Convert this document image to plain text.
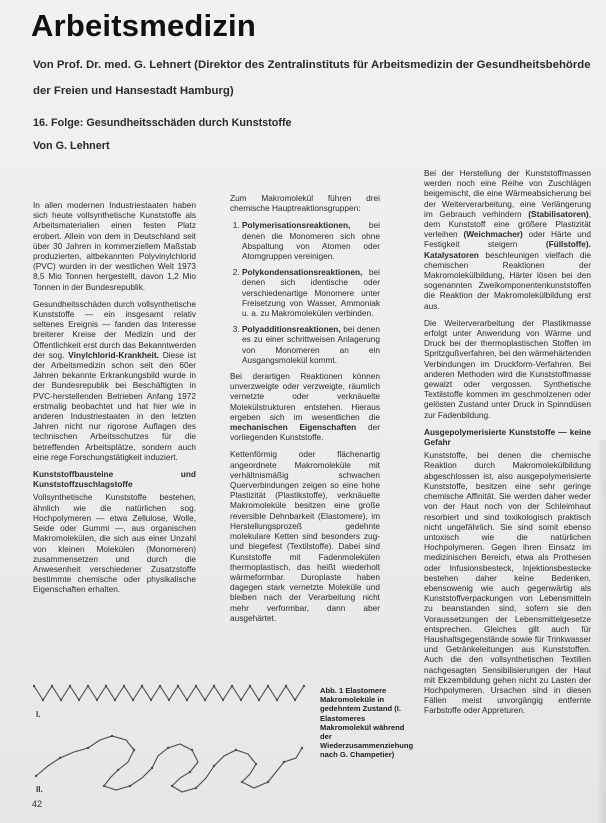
Arbeitsmedizin
Von Prof. Dr. med. G. Lehnert (Direktor des Zentralinstituts für Arbeitsmedizin der Gesundheitsbehörde
der Freien und Hansestadt Hamburg)
16. Folge: Gesundheitsschäden durch Kunststoffe
Von G. Lehnert

In allen modernen Industriestaaten haben sich heute vollsynthetische Kunststoffe als Arbeitsmaterialien einen festen Platz erobert. Allein von dem in Deutschland seit über 30 Jahren in kommerziellem Maßstab produzierten, altbekannten Polyvinylchlorid (PVC) wurden in der westlichen Welt 1973 8,5 Mio Tonnen hergestellt, davon 1,2 Mio Tonnen in der Bundesrepublik.

Gesundheitsschäden durch vollsynthetische Kunststoffe — ein insgesamt relativ seltenes Ereignis — fanden das Interesse breiterer Kreise der Medizin und der Öffentlichkeit erst durch das Bekanntwerden der sog. Vinylchlorid-Krankheit. Diese ist der Arbeitsmedizin schon seit den 60er Jahren bekannte Erkrankungsbild wurde in der Bundesrepublik bei Beschäftigten in PVC-herstellenden Betrieben Anfang 1972 erstmalig beobachtet und hat hier wie in anderen Industriestaaten in den letzten Jahren nicht nur rigorose Auflagen des technischen Arbeitsschutzes für die betreffenden Arbeitsplätze, sondern auch eine rege Forschungstätigkeit induziert.

Kunststoffbausteine und Kunststoffzuschlagstoffe

Vollsynthetische Kunststoffe bestehen, ähnlich wie die natürlichen sog. Hochpolymeren — etwa Zellulose, Wolle, Seide oder Gummi —, aus organischen Makromolekülen, die sich aus einer Unzahl von kleinen Molekülen (Monomeren) zusammensetzen und durch die Anwesenheit verschiedener Zusatzstoffe bestimmte chemische oder physikalische Eigenschaften erhalten.

Zum Makromolekül führen drei chemische Hauptreaktionsgruppen:

1. Polymerisationsreaktionen, bei denen die Monomeren sich ohne Abspaltung von Atomen oder Atomgruppen vereinigen.
2. Polykondensationsreaktionen, bei denen sich identische oder verschiedenartige Monomere unter Freisetzung von Wasser, Ammoniak u. a. zu Makromolekülen verbinden.
3. Polyadditionsreaktionen, bei denen es zu einer schrittweisen Anlagerung von Monomeren an ein Ausgangsmolekül kommt.

Bei derartigen Reaktionen können unverzweigte oder verzweigte, räumlich vernetzte oder verknäuelte Molekülstrukturen entstehen. Hieraus ergeben sich im wesentlichen die mechanischen Eigenschaften der vorliegenden Kunststoffe.

Kettenförmig oder flächenartig angeordnete Makromoleküle mit verhältnismäßig schwachen Querverbindungen zeigen so eine hohe Plastizität (Plastikstoffe), verknäuelte Makromoleküle besitzen eine große reversible Dehnbarkeit (Elastomere), im Herstellungsprozeß gedehnte molekulare Ketten sind besonders zug- und biegefest (Textilstoffe). Dabei sind Kunststoffe mit Fadenmolekülen thermoplastisch, das heißt wiederholt wärmeformbar. Duroplaste haben dagegen stark vernetzte Moleküle und bleiben nach der Verarbeitung nicht mehr verformbar, dann aber ausgehärtet.

Bei der Herstellung der Kunststoffmassen werden noch eine Reihe von Zuschlägen beigemischt, die eine Wärmeabsicherung bei der Weiterverarbeitung, eine Verlängerung im Gebrauch verhindern (Stabilisatoren), dem Kunststoff eine größere Plastizität verleihen (Weichmacher) oder Härte und Festigkeit steigern (Füllstoffe). Katalysatoren beschleunigen vielfach die chemischen Reaktionen der Makromolekülbildung, Härter lösen bei den sogenannten Zweikomponentenkunststoffen die Reaktion der Makromolekülbildung erst aus.

Die Weiterverarbeitung der Plastikmasse erfolgt unter Anwendung von Wärme und Druck bei der thermoplastischen Stoffen im Spritzgußverfahren, bei den wärmehärtenden Verbindungen im Druckform-Verfahren. Bei anderen Methoden wird die Kunststoffmasse gewalzt oder vergossen. Synthetische Textilstoffe kommen im geschmolzenen oder gelösten Zustand unter Druck in Spinndüsen zur Fadenbildung.

Ausgepolymerisierte Kunststoffe — keine Gefahr

Kunststoffe, bei denen die chemische Reaktion durch Makromolekülbildung abgeschlossen ist, also ausgepolymerisierte Kunststoffe, besitzen eine sehr geringe chemische Affinität. Sie werden daher weder von der Haut noch von der Schleimhaut resorbiert und sind toxikologisch praktisch nicht ungefährlich. Sie sind somit ebenso untoxisch wie die natürlichen Hochpolymeren. Gegen ihren Einsatz im medizinischen Bereich, etwa als Prothesen oder Infusionsbesteck, Injektionsbestecke bestehen daher keine Bedenken, ebensowenig wie auch gegenwärtig als Kunststoffverpackungen von Lebensmitteln zu beanstanden sind, sofern sie den Voraussetzungen der Lebensmittelgesetze entsprechen. Gleiches gilt auch für Haushaltsgegenstände sowie für Trinkwasser und Getränkeleitungen aus Kunststoffen. Auch die den vollsynthetischen Textilien nachgesagten Sensibilisierungen der Haut mit Ekzembildung gehen nicht zu Lasten der Hochpolymeren. Ursachen sind in diesen Fällen meist unvorgängig entfernte Farbstoffe oder Appreturen.

I.
II.
Abb. 1 Elastomere Makromoleküle in gedehntem Zustand (I. Elastomeres Makromolekül während der Wiederzusammenziehung nach G. Champetier)
42
